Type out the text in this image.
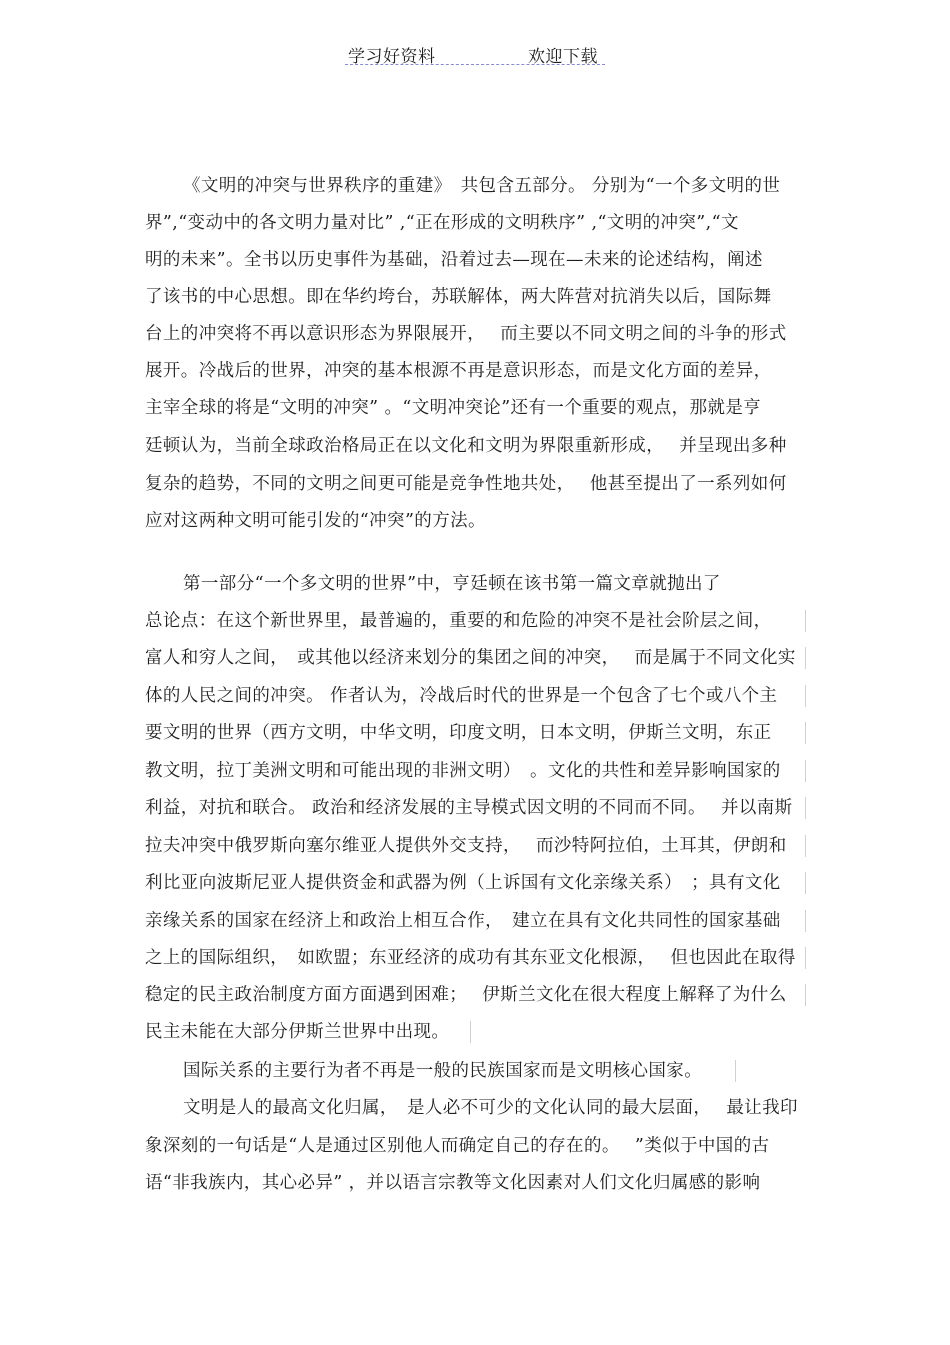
学习好资料	欢迎下载
《文明的冲突与世界秩序的重建》　共包含五部分。 分别为“一个多文明的世
界”,“变动中的各文明力量对比” ,“正在形成的文明秩序” ,“文明的冲突”,“文
明的未来”。全书以历史事件为基础，沿着过去—现在—未来的论述结构，阐述
了该书的中心思想。即在华约垮台，苏联解体，两大阵营对抗消失以后，国际舞
台上的冲突将不再以意识形态为界限展开，　 而主要以不同文明之间的斗争的形式
展开。冷战后的世界，冲突的基本根源不再是意识形态，而是文化方面的差异，
主宰全球的将是“文明的冲突” 。“文明冲突论”还有一个重要的观点，那就是亨
廷顿认为，当前全球政治格局正在以文化和文明为界限重新形成，　 并呈现出多种
复杂的趋势，不同的文明之间更可能是竞争性地共处，　 他甚至提出了一系列如何
应对这两种文明可能引发的“冲突”的方法。
第一部分“一个多文明的世界”中，亨廷顿在该书第一篇文章就抛出了
总论点：在这个新世界里，最普遍的，重要的和危险的冲突不是社会阶层之间，
富人和穷人之间，　或其他以经济来划分的集团之间的冲突，　 而是属于不同文化实
体的人民之间的冲突。 作者认为，冷战后时代的世界是一个包含了七个或八个主
要文明的世界（西方文明，中华文明，印度文明，日本文明，伊斯兰文明，东正
教文明，拉丁美洲文明和可能出现的非洲文明）　。文化的共性和差异影响国家的
利益，对抗和联合。 政治和经济发展的主导模式因文明的不同而不同。　 并以南斯
拉夫冲突中俄罗斯向塞尔维亚人提供外交支持，　 而沙特阿拉伯，土耳其，伊朗和
利比亚向波斯尼亚人提供资金和武器为例（上诉国有文化亲缘关系）　；具有文化
亲缘关系的国家在经济上和政治上相互合作，　建立在具有文化共同性的国家基础
之上的国际组织，　如欧盟；东亚经济的成功有其东亚文化根源，　 但也因此在取得
稳定的民主政治制度方面方面遇到困难；　 伊斯兰文化在很大程度上解释了为什么
民主未能在大部分伊斯兰世界中出现。
国际关系的主要行为者不再是一般的民族国家而是文明核心国家。
文明是人的最高文化归属，　是人必不可少的文化认同的最大层面，　 最让我印
象深刻的一句话是“人是通过区别他人而确定自己的存在的。　 ”类似于中国的古
语“非我族内，其心必异” ，并以语言宗教等文化因素对人们文化归属感的影响
